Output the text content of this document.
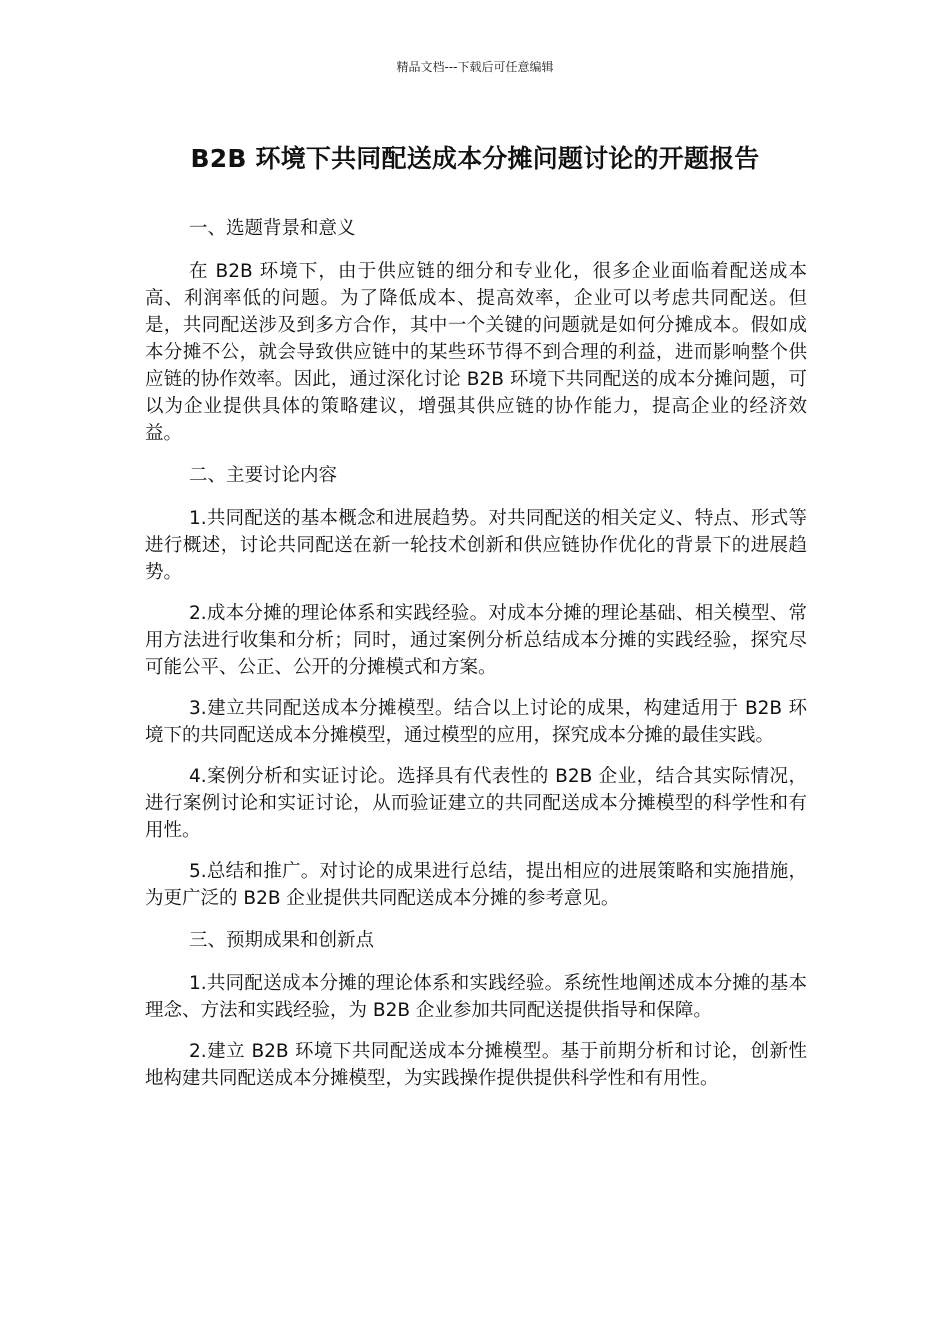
精品文档---下载后可任意编辑
B2B 环境下共同配送成本分摊问题讨论的开题报告

一、选题背景和意义

在 B2B 环境下，由于供应链的细分和专业化，很多企业面临着配送成本高、利润率低的问题。为了降低成本、提高效率，企业可以考虑共同配送。但是，共同配送涉及到多方合作，其中一个关键的问题就是如何分摊成本。假如成本分摊不公，就会导致供应链中的某些环节得不到合理的利益，进而影响整个供应链的协作效率。因此，通过深化讨论 B2B 环境下共同配送的成本分摊问题，可以为企业提供具体的策略建议，增强其供应链的协作能力，提高企业的经济效益。

二、主要讨论内容

1.共同配送的基本概念和进展趋势。对共同配送的相关定义、特点、形式等进行概述，讨论共同配送在新一轮技术创新和供应链协作优化的背景下的进展趋势。

2.成本分摊的理论体系和实践经验。对成本分摊的理论基础、相关模型、常用方法进行收集和分析；同时，通过案例分析总结成本分摊的实践经验，探究尽可能公平、公正、公开的分摊模式和方案。

3.建立共同配送成本分摊模型。结合以上讨论的成果，构建适用于 B2B 环境下的共同配送成本分摊模型，通过模型的应用，探究成本分摊的最佳实践。

4.案例分析和实证讨论。选择具有代表性的 B2B 企业，结合其实际情况，进行案例讨论和实证讨论，从而验证建立的共同配送成本分摊模型的科学性和有用性。

5.总结和推广。对讨论的成果进行总结，提出相应的进展策略和实施措施，为更广泛的 B2B 企业提供共同配送成本分摊的参考意见。

三、预期成果和创新点

1.共同配送成本分摊的理论体系和实践经验。系统性地阐述成本分摊的基本理念、方法和实践经验，为 B2B 企业参加共同配送提供指导和保障。

2.建立 B2B 环境下共同配送成本分摊模型。基于前期分析和讨论，创新性地构建共同配送成本分摊模型，为实践操作提供提供科学性和有用性。
